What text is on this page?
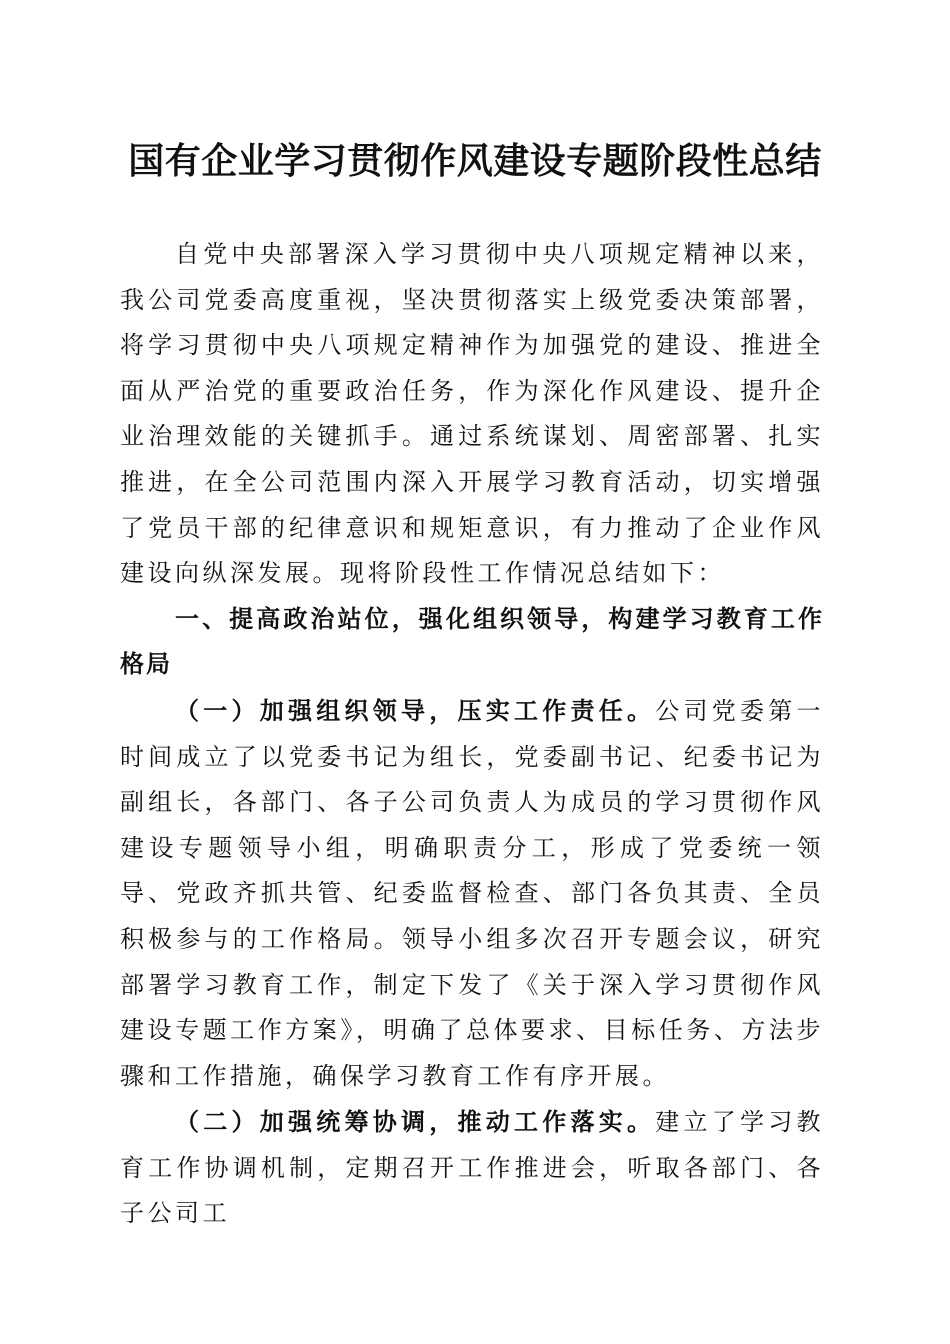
国有企业学习贯彻作风建设专题阶段性总结

自党中央部署深入学习贯彻中央八项规定精神以来，我公司党委高度重视，坚决贯彻落实上级党委决策部署，将学习贯彻中央八项规定精神作为加强党的建设、推进全面从严治党的重要政治任务，作为深化作风建设、提升企业治理效能的关键抓手。通过系统谋划、周密部署、扎实推进，在全公司范围内深入开展学习教育活动，切实增强了党员干部的纪律意识和规矩意识，有力推动了企业作风建设向纵深发展。现将阶段性工作情况总结如下：

一、提高政治站位，强化组织领导，构建学习教育工作格局

（一）加强组织领导，压实工作责任。公司党委第一时间成立了以党委书记为组长，党委副书记、纪委书记为副组长，各部门、各子公司负责人为成员的学习贯彻作风建设专题领导小组，明确职责分工，形成了党委统一领导、党政齐抓共管、纪委监督检查、部门各负其责、全员积极参与的工作格局。领导小组多次召开专题会议，研究部署学习教育工作，制定下发了《关于深入学习贯彻作风建设专题工作方案》，明确了总体要求、目标任务、方法步骤和工作措施，确保学习教育工作有序开展。

（二）加强统筹协调，推动工作落实。建立了学习教育工作协调机制，定期召开工作推进会，听取各部门、各子公司工
